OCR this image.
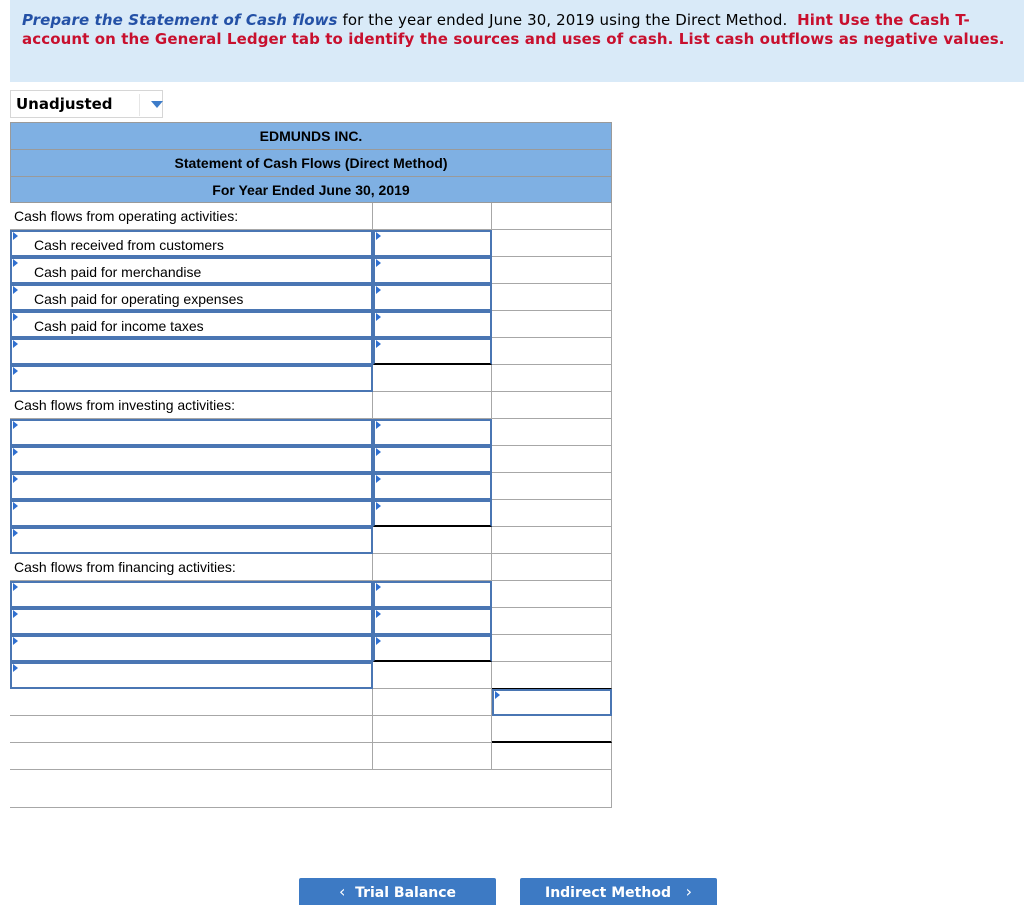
Prepare the Statement of Cash flows for the year ended June 30, 2019 using the Direct Method. Hint Use the Cash T-account on the General Ledger tab to identify the sources and uses of cash. List cash outflows as negative values.
Unadjusted
EDMUNDS INC.
Statement of Cash Flows (Direct Method)
For Year Ended June 30, 2019
Cash flows from operating activities:
Cash received from customers
Cash paid for merchandise
Cash paid for operating expenses
Cash paid for income taxes
Cash flows from investing activities:
Cash flows from financing activities:
‹ Trial Balance	Indirect Method ›
